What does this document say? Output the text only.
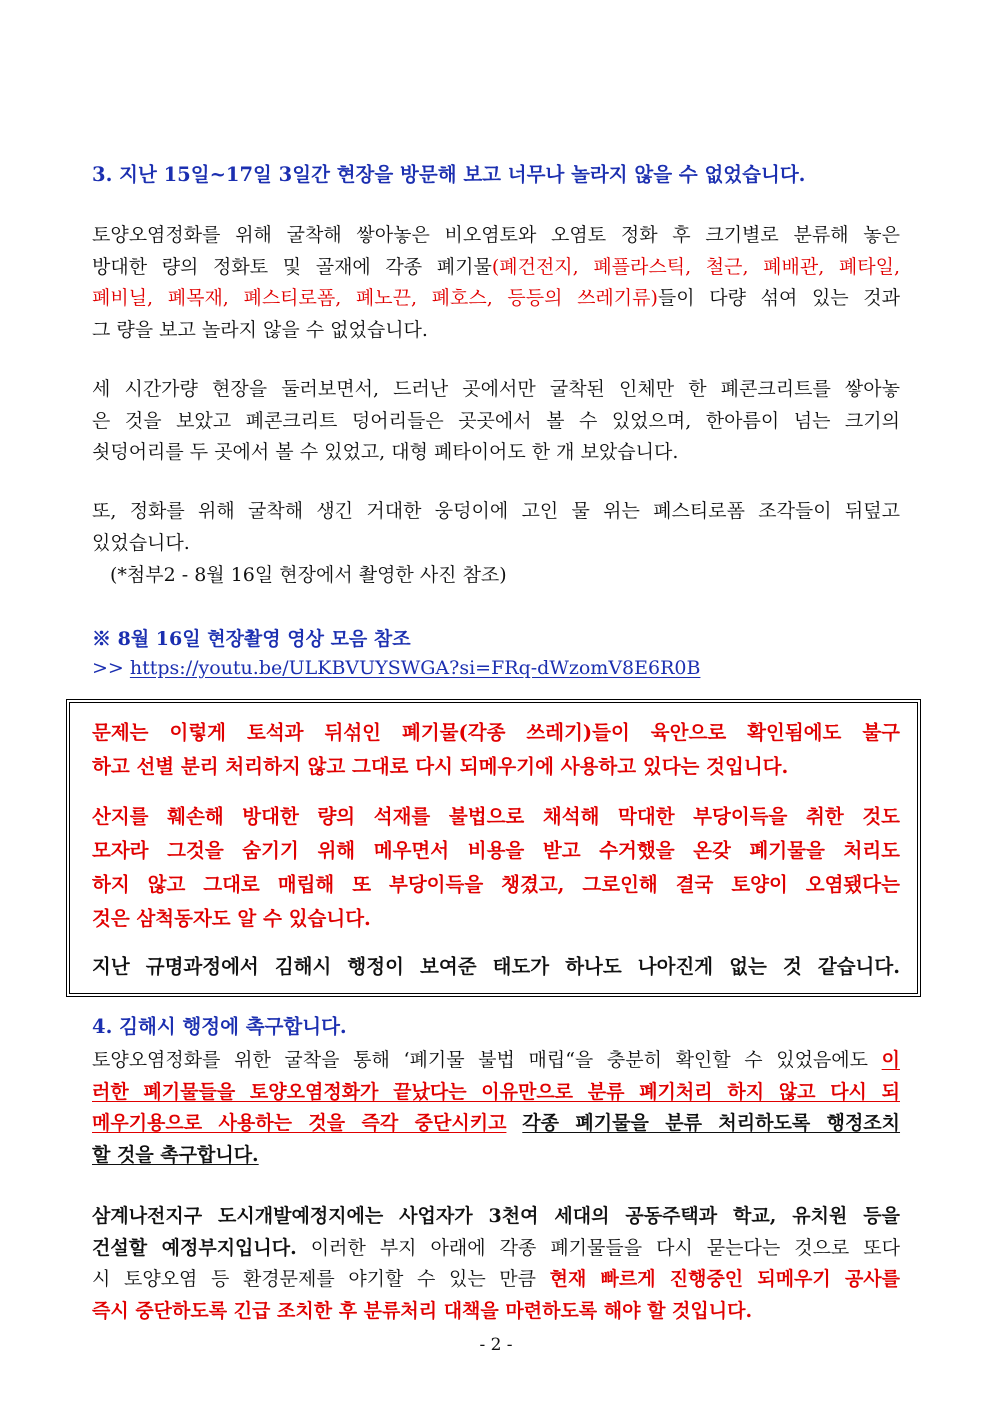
3. 지난 15일~17일 3일간 현장을 방문해 보고 너무나 놀라지 않을 수 없었습니다.
토양오염정화를 위해 굴착해 쌓아놓은 비오염토와 오염토 정화 후 크기별로 분류해 놓은
방대한 량의 정화토 및 골재에 각종 폐기물(폐건전지, 폐플라스틱, 철근, 폐배관, 폐타일,
폐비닐, 폐목재, 폐스티로폼, 폐노끈, 폐호스, 등등의 쓰레기류)들이 다량 섞여 있는 것과
그 량을 보고 놀라지 않을 수 없었습니다.
세 시간가량 현장을 둘러보면서, 드러난 곳에서만 굴착된 인체만 한 폐콘크리트를 쌓아놓
은 것을 보았고 폐콘크리트 덩어리들은 곳곳에서 볼 수 있었으며, 한아름이 넘는 크기의
쇳덩어리를 두 곳에서 볼 수 있었고, 대형 폐타이어도 한 개 보았습니다.
또, 정화를 위해 굴착해 생긴 거대한 웅덩이에 고인 물 위는 폐스티로폼 조각들이 뒤덮고
있었습니다.
(*첨부2 - 8월 16일 현장에서 촬영한 사진 참조)
※ 8월 16일 현장촬영 영상 모음 참조
>> https://youtu.be/ULKBVUYSWGA?si=FRq-dWzomV8E6R0B
문제는 이렇게 토석과 뒤섞인 폐기물(각종 쓰레기)들이 육안으로 확인됨에도 불구
하고 선별 분리 처리하지 않고 그대로 다시 되메우기에 사용하고 있다는 것입니다.
산지를 훼손해 방대한 량의 석재를 불법으로 채석해 막대한 부당이득을 취한 것도
모자라 그것을 숨기기 위해 메우면서 비용을 받고 수거했을 온갖 폐기물을 처리도
하지 않고 그대로 매립해 또 부당이득을 챙겼고, 그로인해 결국 토양이 오염됐다는
것은 삼척동자도 알 수 있습니다.
지난 규명과정에서 김해시 행정이 보여준 태도가 하나도 나아진게 없는 것 같습니다.
4. 김해시 행정에 촉구합니다.
토양오염정화를 위한 굴착을 통해 ‘폐기물 불법 매립“을 충분히 확인할 수 있었음에도 이
러한 폐기물들을 토양오염정화가 끝났다는 이유만으로 분류 폐기처리 하지 않고 다시 되
메우기용으로 사용하는 것을 즉각 중단시키고 각종 폐기물을 분류 처리하도록 행정조치
할 것을 촉구합니다.
삼계나전지구 도시개발예정지에는 사업자가 3천여 세대의 공동주택과 학교, 유치원 등을
건설할 예정부지입니다. 이러한 부지 아래에 각종 폐기물들을 다시 묻는다는 것으로 또다
시 토양오염 등 환경문제를 야기할 수 있는 만큼 현재 빠르게 진행중인 되메우기 공사를
즉시 중단하도록 긴급 조치한 후 분류처리 대책을 마련하도록 해야 할 것입니다.
- 2 -
